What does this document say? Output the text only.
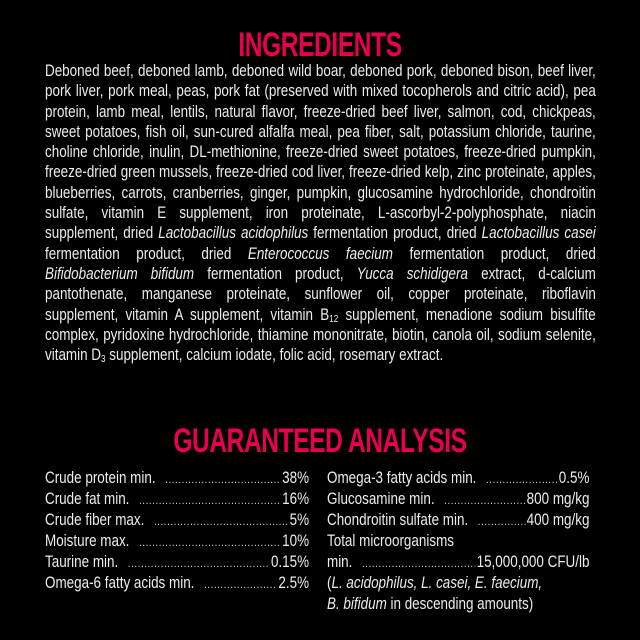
INGREDIENTS

Deboned beef, deboned lamb, deboned wild boar, deboned pork, deboned bison, beef liver, pork liver, pork meal, peas, pork fat (preserved with mixed tocopherols and citric acid), pea protein, lamb meal, lentils, natural flavor, freeze-dried beef liver, salmon, cod, chickpeas, sweet potatoes, fish oil, sun-cured alfalfa meal, pea fiber, salt, potassium chloride, taurine, choline chloride, inulin, DL-methionine, freeze-dried sweet potatoes, freeze-dried pumpkin, freeze-dried green mussels, freeze-dried cod liver, freeze-dried kelp, zinc proteinate, apples, blueberries, carrots, cranberries, ginger, pumpkin, glucosamine hydrochloride, chondroitin sulfate, vitamin E supplement, iron proteinate, L-ascorbyl-2-polyphosphate, niacin supplement, dried Lactobacillus acidophilus fermentation product, dried Lactobacillus casei fermentation product, dried Enterococcus faecium fermentation product, dried Bifidobacterium bifidum fermentation product, Yucca schidigera extract, d-calcium pantothenate, manganese proteinate, sunflower oil, copper proteinate, riboflavin supplement, vitamin A supplement, vitamin $B_{12}$ supplement, menadione sodium bisulfite complex, pyridoxine hydrochloride, thiamine mononitrate, biotin, canola oil, sodium selenite, vitamin $D_3$ supplement, calcium iodate, folic acid, rosemary extract.

GUARANTEED ANALYSIS
Crude protein min. .....	38%
Crude fat min. .....	16%
Crude fiber max. .....	5%
Moisture max. .....	10%
Taurine min. .....	0.15%
Omega-6 fatty acids min. .....	2.5%
Omega-3 fatty acids min. .....	0.5%
Glucosamine min. .....	800 mg/kg
Chondroitin sulfate min. .....	400 mg/kg
Total microorganisms
min. .....	15,000,000 CFU/lb
(L. acidophilus, L. casei, E. faecium,
B. bifidum in descending amounts)
